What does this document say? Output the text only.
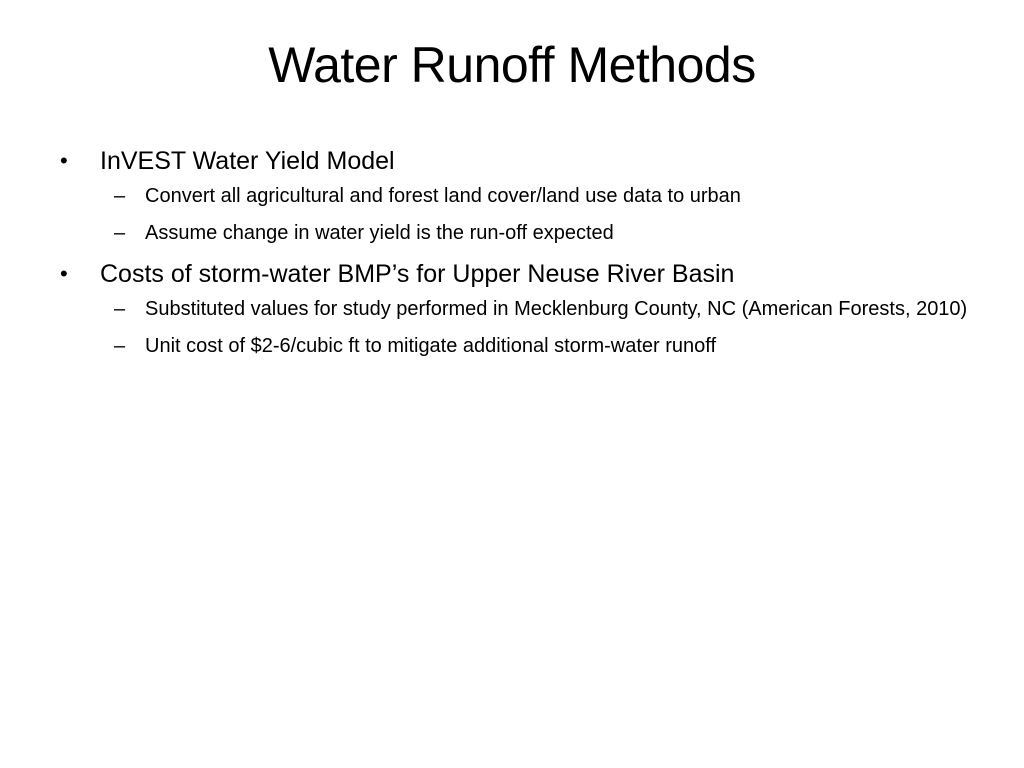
Water Runoff Methods
• InVEST Water Yield Model
– Convert all agricultural and forest land cover/land use data to urban
– Assume change in water yield is the run-off expected
• Costs of storm-water BMP’s for Upper Neuse River Basin
– Substituted values for study performed in Mecklenburg County, NC (American Forests, 2010)
– Unit cost of $2-6/cubic ft to mitigate additional storm-water runoff
